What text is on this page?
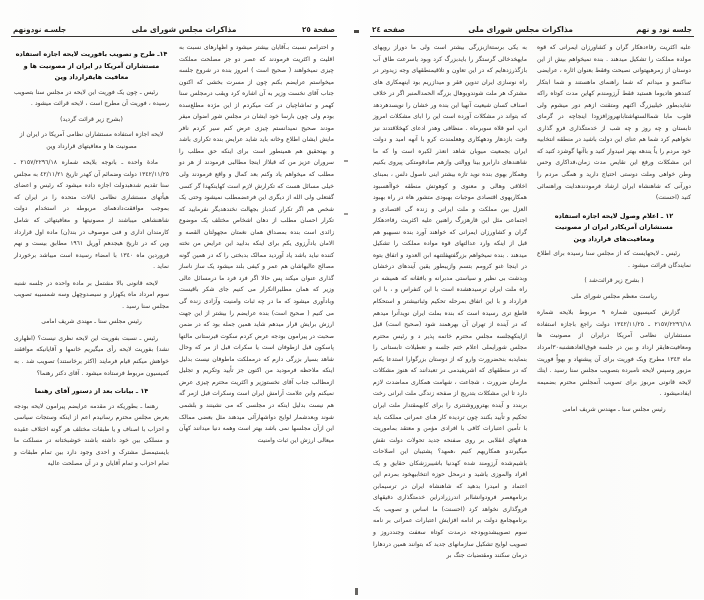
جلسـه نودونهم	مذاکرات مجلس شورای ملی	صفحة ٢٥
۱۴ـ طرح و تصویب بافوریت لایحه اجازه استفاده مستشاران آمریکا در ایران از مصونیت ها و معافیت هایقرارداد وین

رئیس ـ چون یک فوریت این لایحه در مجلس سنا بتصویب رسیده ، فوریت آن مطرح است ، لایحه قرائت میشود .

(بشرح زیر قرائت گردید)

لایحه اجازه استفاده مستشاران نظامی آمریکا در ایران از مصونیت ها و معافیتهای قرارداد وین

مادة واحده ـ بانوجه بلایحه شماره ٢١٥٧/٢٢٩٦/١٨ ـ ١٣٤٢/١١/٢٥ دولت وضمائم آن کهدر تاریخ ٤٢/١١/٢١ به مجلس سنا تقدیم شدهبدولت اجازه داده میشود که رئیس و اعضای هیأتهای مستشاری نظامی ایالات متحده را در ایران که بموجب موافقت‌دادهمای مربوطه در استخدام دولت شاهنشاهی میباشند از مصونیتها و معافیتهائی که شامل کارمندان اداری و فنی موصوف در بند(ن) ماده اول قرارداد وین که در تاریخ هیجدهم آوریل ١٩٦١ مطابق بیست و نهم فروردین ماه ١٣٤٠ با امضاء رسیده است میباشد برخوردار نماید .

لایحه قانونی بالا مشتمل بر ماده واحده در جلسه شنبه سوم امرداد ماه یکهزار و سیصدوچهل وسه شمسیبه تصویب مجلس سنا رسید .

رئیس مجلس سنا ـ مهندی شریف امامی

رئیس ـ نسبت بفوریت این لایحه نظری نیست؟ (اظهاری نشد) بفوریت لایحه رأی میگیریم خانمها و آقایانیکه موافقند خواهش میکنم قیام فرمایند (اکثر برخاستند) تصویب شد . به کمیسیون مربوط فرستاده میشود . آقای دکتر رهنما؟

۱۴ ـ بیانات بعد از دستور آقای رهنما

رهنما ـ بطوریکه در مقدمه عرایضم پیرامون لایحه بودجه بعرض مجلس محترم رسانیدم اعم از اینکه وستجات سیاسی و احزاب با اصناف و یا طبقات مختلف هر گونه اختلاف عقیده و مسلکی بین خود داشته باشند خوشبختانه در مسلکت ما بایستیمصل مشترک و احدی وجود دارد بین تمام طبقات و تمام احزاب و تمام آقایان و در آن مصلحت عالیه

و احترامم نسبت بـ‌آقایان بیشتر میشود و اظهارهای نسبت به اقلیت و اکثریت فرمودند که عصر دو جز مصلحت مملکت چیزی نمیخواهند ( صحیح است ) امروز بنده در شروع جلسه میخواستم عرایضم بکنم چون از مسرت بخشی که اکنون جناب آقای نخست وزیر به آن اشاره کرد ویقب درمجلس سنا کهمر و تماشاچیان در کت میکردم از این مژده مطلع‌سده بودم ولی چون بارسا خود ایشان در مجلس شور اضوان میفر مودند صحیح نمیدانستم چیزی عرض کنم سیر کردم نافر مایش ایشان اطلاع وخانه باید شاید عرایض بنده تکراری باشد و بهتحقیق هم همینطور است برای اینکه حق مطلب را سروران عزیز من که قبلااز اینجا مطالبی فرمودند از هر دو مطلب که میخواهم یاد وکنم بعد کمال و واقع فرمودند ولی خیلی مسائل هست که تکرارش لازم است کهاینکهدا گر کسی گفتعلی ولی الله از دیگری این فرعضمطلب نمیشود وحتی یک شخص هم اگر تکرار کندباز بجهالت نخندهدیگر نفرمایید که تکرار احسان مطلب از دهان اشخاص مختلف یک موضوع زائدی است بنده بمصداق همان نغمتان مجهولتان القصه و الامان یادآرزوی یکم برای اینکه بدایید این عرایض من نخته کننده نباید باشد یاد آوردید ممالک بدبختی را که در همین گونه مصالح عالیهاشان هم عمر و کیفی بلند میشود یک ساز ناساز گذاری عنوان میکند پس حالا اگر فرد فرد ما درمسائل عالی وزیر که همان مطلیراانکرار می کنیم جای شکر باقیست وبادآوری میشود که ما در چه ثبات وامنیت وآزادی زنده گی می کنیم ( صحیح است) بنده عرایضم را بیشتر از این جهت ارزش برایش قرار میدهم شاید همین جمله بود که در ضمن صحبت در پیرامون بودجه عرض کردم سکوت قبرستانی مالتها پاسکون قبل ازطوفان است یا سکرات قبل از مر که وحال شاهد بسیار بزرگی دارم که درمملکت ماطوفان نیست بدلیل اینکه ملاحظه فرمودید من اکنون جز تأیید وتکریم و تجلیل ازمطالب جناب آقای نخستوزیر و اکثریت محترم چیزی عرض نمیکنم وابن علامت آرامش ایران است وسکرات قبل ازمر گه هم نیست بدلیل اینکه در مجلسی که می نشینند و بلشمی شوند وبعدشمار لوایح دواشهارآئی میدهند مثل بعضی ممالک این ازآن مجلسها نمی باشد بهتر است وهمه دنیا میدانند کهآن میعالی ارزش این ثبات وامنیت

صفحه ٢٤	مذاکرات مجلس شورای ملی	جلسه نود و نهم

به یکی برستةازبزرگی بیشتر است ولی ما دوراز رویهای مایهخدخالی گرستگر را بایدبزرگ کرد وبود یاسرعت طاق آب بازگذرزدهایم که در این تعاون و تلاقیمنطقهای وجه زیدوتر در راه نوسازی ایران تدوین فقر و میدازریم بود اینهمکاری های مشترک هر ملت شوندوبوهال بزرگه الحمدالمنبر اگر در خلاف اصناف کسان شیعیت آنهیا این بنده ور خشان را نویسدهردهد که بتواند در مشکلات آورده است این را ابای مشکلات امروز ابن، امو قلاه سوبرماه . منظافی وهدر ادعای کهخلاقتدند نیز وقت بازدهار ودههکاری وهعلمندت کرو با آنهه امید و دولت ایران بجمعیت میوبان شاهد انعذر لکبره است وا که ما شاهندهای دارابرو بینا ووالتی وازهم صادقومتکی پیروی بکنیم وهمکار بهوی بنده نوید تازه بیشتر اینی ناصول دلس ، بمبنای اخلاقی وهالی و معنوی و کوهوتش منطقه خواآهسبود همکاریهوی اقتصادی موجبات بهبودی متشور هاه در راه بهبود العزل بین مملکت و ملت ایرانی و زنده گی اقتصادی و اجتماعی مثل این قارهزرگ راهنین علیه اکثریت رفاءدهکار گران و کشاورزان ایمرانی که خواهند آورد بنده نسبهبو هم قبل از اینکه وارد عدالتهای قوه مواده مملکت را تشکیل میدهند . بنده نمیخواهم بزرگفتهفلتنهه ابن العدود و اتفاق بتوه در اینجا غنو کرومم بتسم وازیبطور یقین آیندهای درخشان وبدشت بی نظیر و سیاستی مدبرانه و بافقانه که همیشه در راه ملت ایران ترسیدهشده است با این کنفراس و ، با این قرارداد و با این اتفاق بمرحله تحکیم وثباتبیشتر و استحکام قاطع تری رسیده است که بنده بملت ایران نویدآنرا میدهم که در آینده از تهران آن بهرهمند شود (صحیح است) قبل ازاینکهجلسه مجلس محترم خاتمه پذیر د و رئیس محترم مجلس شورایملی اعلام ختم جلسه و تعطیلات تابستانی را بنمایدبه بنحضرورت وارو که از دوستان بزرگوارا استدعا یکنم که در منطقهای که اشریفیدمی در تعبدانند که هنوز مشکلات مازمان ضرورت ، شجاعت ، شهامت همکاری مماضدت لازم دارد تا این مشکلات بتدریج از صفحه زندگی ملت ابرانی رخت بربندد و آینده بهتروروشنتری را برای کابهمقتدار ملت ایران تحکیم و تأیید بکنند چون تردیده کار هـای عمرانی مملکت باید با تأمین اعتبارات کافی با افرادی مؤمن و معتقد بماموریت هدفهای انقلابی بر روی صفنحه جدید تحولات دولت نقش میگیرندو همکاریهم کنیم ،همهد؟ پشتیبان این اصلاحات باشیم‌شده آرزومند شده کهدنیا باشیبرزشکان حقایق و یک افراد والموزی یاشید و درمحل حوزه انتخابیهخود بمردم این اعتماد و امیدرا بدهید که شاهنشاه ایران در ترسیمابن برنامهعصر فرودوانشاابر اندرزرادراین خدمتگذاری دقیقهای فروگذاری نخواهد کرد (احسنت) ما اساس و تصویب یک برنامهجامع دولت بر ادامه افزایش اعتبارات عمرانی بر نامه سوم تصویبشدوبودجه درمدت کوتاه سعفت وجنددروز و تصویب لوایح تشکیل سازمانهای جدید که بتوانند همین دردهارا درمان سکنند ومقتضیات جنگ بر

علیه اکثریت رفاءدهکار گران و کشاورزان ایمرانی که قوه مولده مملکت را تشکیل میدهند . بنده نمیخواهم بیش از این دوستان از زمرهبهتوانی نصیحت وفقط بعنوان اثاره ، عرایضی ساکنمو و میدانم که شما راهنمای ماهستند و شما ابتکار کنندهو هادیوما هستید فقط آرزومندم کهاین مدت کوتاه راکه شایدبطور خیلیبزرگ اکنهم ومتقنت ازهم دور میشوم ولی قلوب مابا شماالستهاشتابانهروزافزودا اینجاچه در گرمای تابستان و چه روز و چه شب از خدمتگذاری فرو گذاری نخواهیم کرد شما هم عنای این دولت باشید در منطقه انتخابیه خود مردم را یاٌ یندهه بهتر امیدوار کنید و باآنها گوشزد کنید که این مشکلات ورفع این نقایص مدت زمان،فداکاری وحس وطن خواهی وملت دوستی احتیاج دارید و همگی مردم را دورآنی که شاهنشاه ایران ارشاد فرمودندهدایت وراهنمائی کنید (احسنت)

۱۲ ـ اعلام وصول لایحه اجازه استفاده مستشاران آمریکادر ایران از مصونیت ومعافیت‌های قرارداد وین

رئیس ـ لایحهایست که از مجلس سنا رسیده برای اطلاع نمایندگان قرائت میشود .

( بشرح زیر قرائت‌شد )

ریاست معظم مجلس شورای ملی

گزارش کمیسیون شماره ٩ مربوط بلایحه شماره ٢١٥٧/٢٢٩٦/١٨ ـ ١٣٤٢/١١/٢٥ دولت راجع باجازه استفاده مستشاران نظامی آمریکا درایران از مصونیت ها ومعافیت‌هایقر ارداد و بین در جلسه فوق‌العادهشنبه‌٣٠امرداد ماه ١٣٤٣ مطرح ویک فوریت برای آن پیشنهاد و بهواٌ فوریت مزبور وسپس لایحه نامبرده بتصویب مجلس سنا رسید . اینك لایحه قانونی مربوز برای تصویب آنمجلس محترم بضمیمه ایفادمیشود .

رئیس مجلس سنا ـ مهندس شریف امامی
